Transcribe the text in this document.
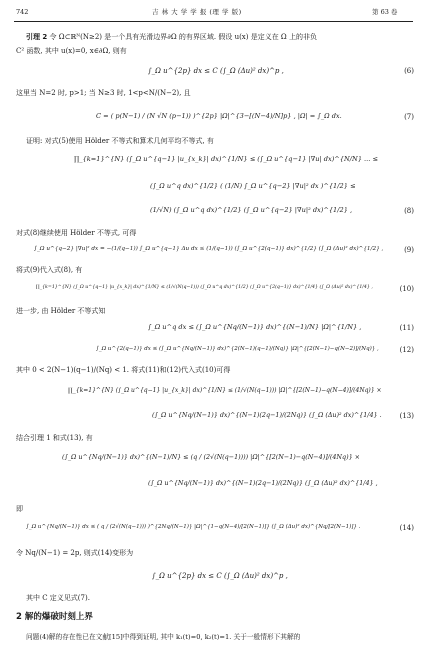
742	吉 林 大 学 学 报 (理 学 版)	第 63 卷
引理 2 令 Ω⊂ℝᴺ(N≥2) 是一个具有光滑边界∂Ω 的有界区域. 假设 u(x) 是定义在 Ω 上的非负
C² 函数, 其中 u(x)=0, x∈∂Ω, 则有
∫_Ω u^{2p} dx ≤ C (∫_Ω (Δu)² dx)^p ,	(6)
这里当 N=2 时, p>1; 当 N≥3 时, 1<p<N/(N−2), 且
C = ( p(N−1) / (N √N (p−1)) )^{2p} |Ω|^{3−[(N−4)/N]p} , |Ω| = ∫_Ω dx.	(7)
证明: 对式(5)使用 Hölder 不等式和算术几何平均不等式, 有
∏_{k=1}^{N} (∫_Ω u^{q−1} |u_{x_k}| dx)^{1/N} ≤ (∫_Ω u^{q−1} |∇u| dx)^{N/N} ... ≤
(∫_Ω u^q dx)^{1/2} ( (1/N) ∫_Ω u^{q−2} |∇u|² dx )^{1/2} ≤
(1/√N) (∫_Ω u^q dx)^{1/2} (∫_Ω u^{q−2} |∇u|² dx)^{1/2} ,	(8)
对式(8)继续使用 Hölder 不等式, 可得
∫_Ω u^{q−2} |∇u|² dx = −(1/(q−1)) ∫_Ω u^{q−1} Δu dx ≤ (1/(q−1)) (∫_Ω u^{2(q−1)} dx)^{1/2} (∫_Ω (Δu)² dx)^{1/2} ,	(9)
将式(9)代入式(8), 有
∏_{k=1}^{N} (∫_Ω u^{q−1} |u_{x_k}| dx)^{1/N} ≤ (1/√(N(q−1))) (∫_Ω u^q dx)^{1/2} (∫_Ω u^{2(q−1)} dx)^{1/4} (∫_Ω (Δu)² dx)^{1/4} ,	(10)
进一步, 由 Hölder 不等式知
∫_Ω u^q dx ≤ (∫_Ω u^{Nq/(N−1)} dx)^{(N−1)/N} |Ω|^{1/N} ,	(11)
∫_Ω u^{2(q−1)} dx ≤ (∫_Ω u^{Nq/(N−1)} dx)^{2(N−1)(q−1)/(Nq)} |Ω|^{[2(N−1)−q(N−2)]/(Nq)} ,	(12)
其中 0 < 2(N−1)(q−1)/(Nq) < 1. 将式(11)和(12)代入式(10)可得
∏_{k=1}^{N} (∫_Ω u^{q−1} |u_{x_k}| dx)^{1/N} ≤ (1/√(N(q−1))) |Ω|^{[2(N−1)−q(N−4)]/(4Nq)} ×
(∫_Ω u^{Nq/(N−1)} dx)^{(N−1)(2q−1)/(2Nq)} (∫_Ω (Δu)² dx)^{1/4} .	(13)
结合引理 1 和式(13), 有
(∫_Ω u^{Nq/(N−1)} dx)^{(N−1)/N} ≤ (q / (2√(N(q−1)))) |Ω|^{[2(N−1)−q(N−4)]/(4Nq)} ×
(∫_Ω u^{Nq/(N−1)} dx)^{(N−1)(2q−1)/(2Nq)} (∫_Ω (Δu)² dx)^{1/4} ,
即
∫_Ω u^{Nq/(N−1)} dx ≤ ( q / (2√(N(q−1))) )^{2Nq/(N−1)} |Ω|^{1−q(N−4)/[2(N−1)]} (∫_Ω (Δu)² dx)^{Nq/[2(N−1)]} .	(14)
令 Nq/(N−1) = 2p, 则式(14)变形为
∫_Ω u^{2p} dx ≤ C (∫_Ω (Δu)² dx)^p ,
其中 C 定义见式(7).
2 解的爆破时刻上界
问题(4)解的存在性已在文献[15]中得到证明, 其中 k₁(t)=0, k₂(t)=1. 关于一般情形下其解的
